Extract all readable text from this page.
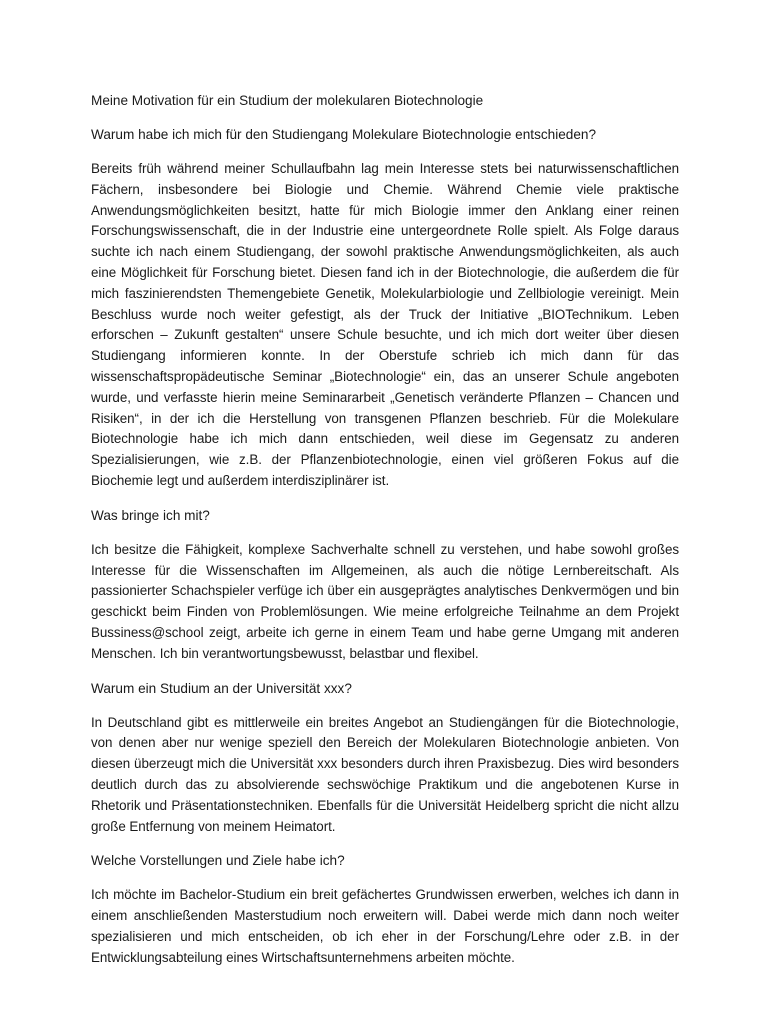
Meine Motivation für ein Studium der molekularen Biotechnologie

Warum habe ich mich für den Studiengang Molekulare Biotechnologie entschieden?

Bereits früh während meiner Schullaufbahn lag mein Interesse stets bei naturwissenschaftlichen Fächern, insbesondere bei Biologie und Chemie. Während Chemie viele praktische Anwendungsmöglichkeiten besitzt, hatte für mich Biologie immer den Anklang einer reinen Forschungswissenschaft, die in der Industrie eine untergeordnete Rolle spielt. Als Folge daraus suchte ich nach einem Studiengang, der sowohl praktische Anwendungsmöglichkeiten, als auch eine Möglichkeit für Forschung bietet. Diesen fand ich in der Biotechnologie, die außerdem die für mich faszinierendsten Themengebiete Genetik, Molekularbiologie und Zellbiologie vereinigt. Mein Beschluss wurde noch weiter gefestigt, als der Truck der Initiative „BIOTechnikum. Leben erforschen – Zukunft gestalten“ unsere Schule besuchte, und ich mich dort weiter über diesen Studiengang informieren konnte. In der Oberstufe schrieb ich mich dann für das wissenschaftspropädeutische Seminar „Biotechnologie“ ein, das an unserer Schule angeboten wurde, und verfasste hierin meine Seminararbeit „Genetisch veränderte Pflanzen – Chancen und Risiken“, in der ich die Herstellung von transgenen Pflanzen beschrieb. Für die Molekulare Biotechnologie habe ich mich dann entschieden, weil diese im Gegensatz zu anderen Spezialisierungen, wie z.B. der Pflanzenbiotechnologie, einen viel größeren Fokus auf die Biochemie legt und außerdem interdisziplinärer ist.

Was bringe ich mit?

Ich besitze die Fähigkeit, komplexe Sachverhalte schnell zu verstehen, und habe sowohl großes Interesse für die Wissenschaften im Allgemeinen, als auch die nötige Lernbereitschaft. Als passionierter Schachspieler verfüge ich über ein ausgeprägtes analytisches Denkvermögen und bin geschickt beim Finden von Problemlösungen. Wie meine erfolgreiche Teilnahme an dem Projekt Bussiness@school zeigt, arbeite ich gerne in einem Team und habe gerne Umgang mit anderen Menschen. Ich bin verantwortungsbewusst, belastbar und flexibel.

Warum ein Studium an der Universität xxx?

In Deutschland gibt es mittlerweile ein breites Angebot an Studiengängen für die Biotechnologie, von denen aber nur wenige speziell den Bereich der Molekularen Biotechnologie anbieten. Von diesen überzeugt mich die Universität xxx besonders durch ihren Praxisbezug. Dies wird besonders deutlich durch das zu absolvierende sechswöchige Praktikum und die angebotenen Kurse in Rhetorik und Präsentationstechniken. Ebenfalls für die Universität Heidelberg spricht die nicht allzu große Entfernung von meinem Heimatort.

Welche Vorstellungen und Ziele habe ich?

Ich möchte im Bachelor-Studium ein breit gefächertes Grundwissen erwerben, welches ich dann in einem anschließenden Masterstudium noch erweitern will. Dabei werde mich dann noch weiter spezialisieren und mich entscheiden, ob ich eher in der Forschung/Lehre oder z.B. in der Entwicklungsabteilung eines Wirtschaftsunternehmens arbeiten möchte.
